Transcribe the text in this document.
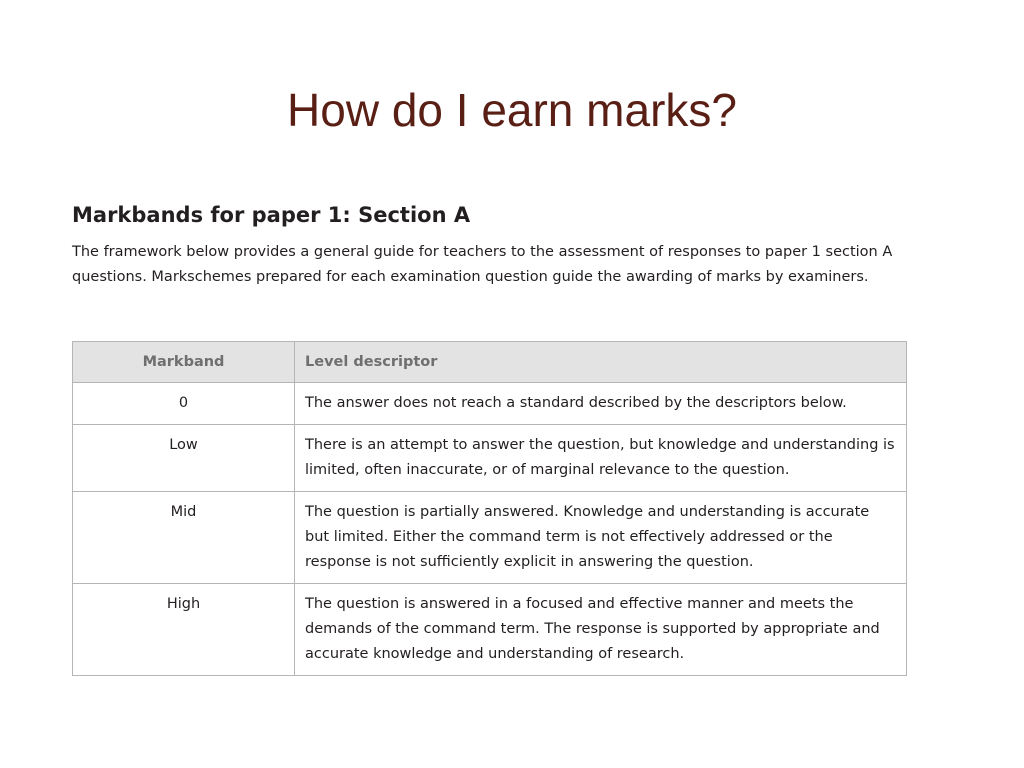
How do I earn marks?
Markbands for paper 1: Section A
The framework below provides a general guide for teachers to the assessment of responses to paper 1 section A questions. Markschemes prepared for each examination question guide the awarding of marks by examiners.
Markband	Level descriptor
0	The answer does not reach a standard described by the descriptors below.
Low	There is an attempt to answer the question, but knowledge and understanding is limited, often inaccurate, or of marginal relevance to the question.
Mid	The question is partially answered. Knowledge and understanding is accurate but limited. Either the command term is not effectively addressed or the response is not sufficiently explicit in answering the question.
High	The question is answered in a focused and effective manner and meets the demands of the command term. The response is supported by appropriate and accurate knowledge and understanding of research.
